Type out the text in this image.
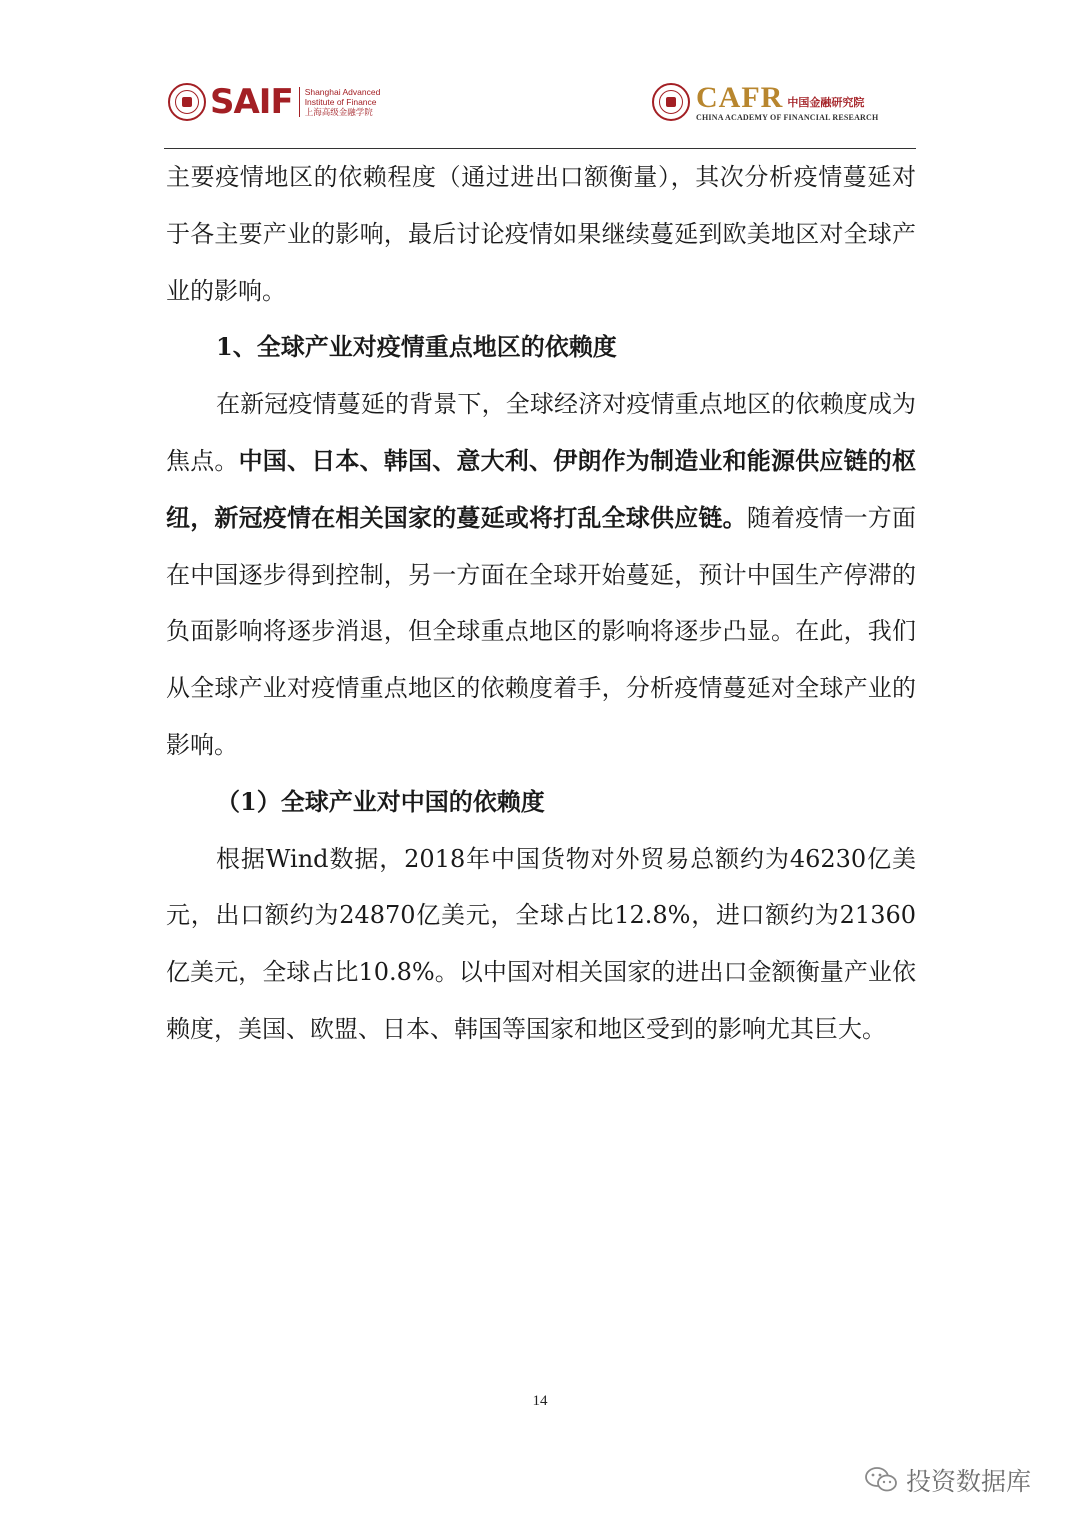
SAIF Shanghai Advanced
Institute of Finance
上海高级金融学院	CAFR 中国金融研究院
CHINA ACADEMY OF FINANCIAL RESEARCH

主要疫情地区的依赖程度（通过进出口额衡量），其次分析疫情蔓延对于各主要产业的影响，最后讨论疫情如果继续蔓延到欧美地区对全球产业的影响。

1、全球产业对疫情重点地区的依赖度

在新冠疫情蔓延的背景下，全球经济对疫情重点地区的依赖度成为焦点。中国、日本、韩国、意大利、伊朗作为制造业和能源供应链的枢纽，新冠疫情在相关国家的蔓延或将打乱全球供应链。随着疫情一方面在中国逐步得到控制，另一方面在全球开始蔓延，预计中国生产停滞的负面影响将逐步消退，但全球重点地区的影响将逐步凸显。在此，我们从全球产业对疫情重点地区的依赖度着手，分析疫情蔓延对全球产业的影响。

（1）全球产业对中国的依赖度

根据Wind数据，2018年中国货物对外贸易总额约为46230亿美元，出口额约为24870亿美元，全球占比12.8%，进口额约为21360亿美元，全球占比10.8%。以中国对相关国家的进出口金额衡量产业依赖度，美国、欧盟、日本、韩国等国家和地区受到的影响尤其巨大。

14
投资数据库
